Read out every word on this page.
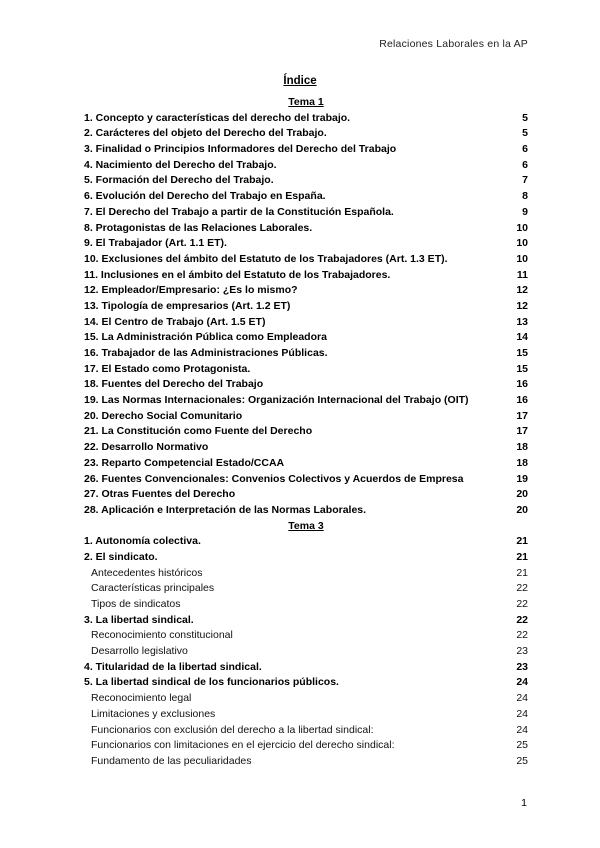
Relaciones Laborales en la AP
Índice
Tema 1
1. Concepto y características del derecho del trabajo.	5
2. Carácteres del objeto del Derecho del Trabajo.	5
3. Finalidad o Principios Informadores del Derecho del Trabajo	6
4. Nacimiento del Derecho del Trabajo.	6
5. Formación del Derecho del Trabajo.	7
6. Evolución del Derecho del Trabajo en España.	8
7. El Derecho del Trabajo a partir de la Constitución Española.	9
8. Protagonistas de las Relaciones Laborales.	10
9. El Trabajador (Art. 1.1 ET).	10
10. Exclusiones del ámbito del Estatuto de los Trabajadores (Art. 1.3 ET).	10
11. Inclusiones en el ámbito del Estatuto de los Trabajadores.	11
12. Empleador/Empresario: ¿Es lo mismo?	12
13. Tipología de empresarios (Art. 1.2 ET)	12
14. El Centro de Trabajo (Art. 1.5 ET)	13
15. La Administración Pública como Empleadora	14
16. Trabajador de las Administraciones Públicas.	15
17. El Estado como Protagonista.	15
18. Fuentes del Derecho del Trabajo	16
19. Las Normas Internacionales: Organización Internacional del Trabajo (OIT)	16
20. Derecho Social Comunitario	17
21. La Constitución como Fuente del Derecho	17
22. Desarrollo Normativo	18
23. Reparto Competencial Estado/CCAA	18
26. Fuentes Convencionales: Convenios Colectivos y Acuerdos de Empresa	19
27. Otras Fuentes del Derecho	20
28. Aplicación e Interpretación de las Normas Laborales.	20
Tema 3
1. Autonomía colectiva.	21
2. El sindicato.	21
Antecedentes históricos	21
Características principales	22
Tipos de sindicatos	22
3. La libertad sindical.	22
Reconocimiento constitucional	22
Desarrollo legislativo	23
4. Titularidad de la libertad sindical.	23
5. La libertad sindical de los funcionarios públicos.	24
Reconocimiento legal	24
Limitaciones y exclusiones	24
Funcionarios con exclusión del derecho a la libertad sindical:	24
Funcionarios con limitaciones en el ejercicio del derecho sindical:	25
Fundamento de las peculiaridades	25
1
